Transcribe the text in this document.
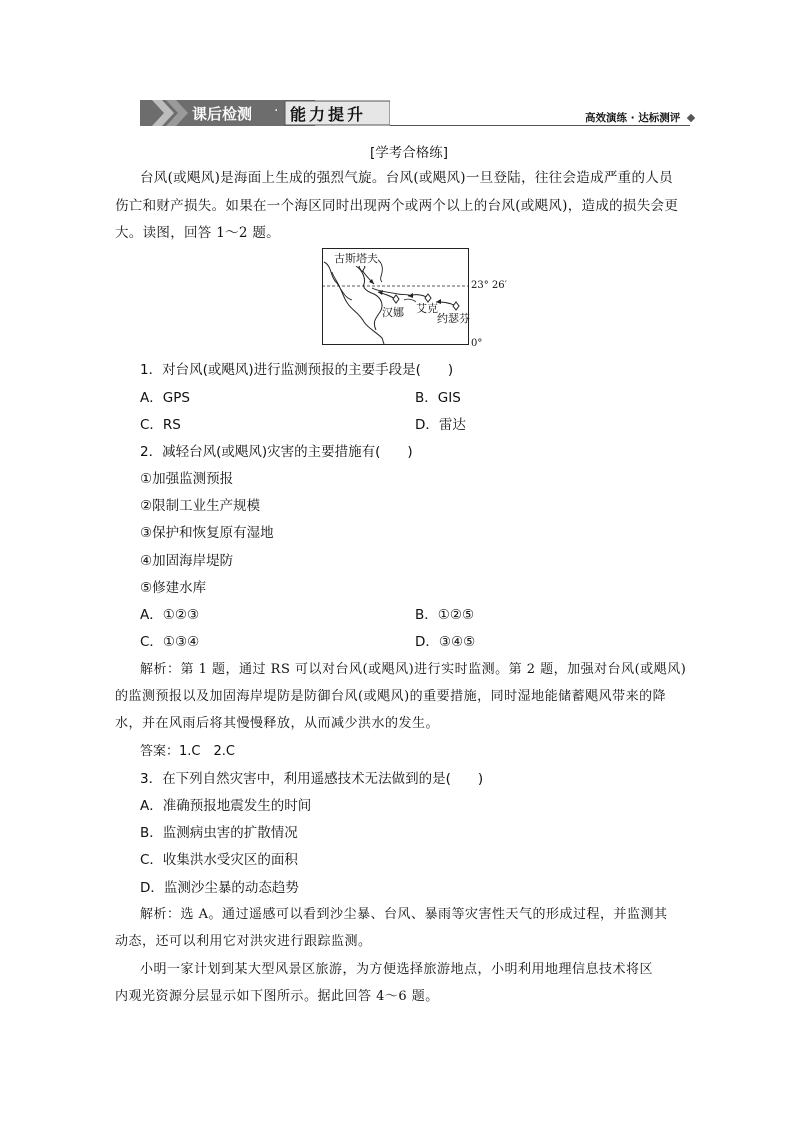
课后检测 · 能力提升	高效演练 · 达标测评
[学考合格练]
台风(或飓风)是海面上生成的强烈气旋。台风(或飓风)一旦登陆，往往会造成严重的人员
伤亡和财产损失。如果在一个海区同时出现两个或两个以上的台风(或飓风)，造成的损失会更
大。读图，回答 1～2 题。
古斯塔夫
汉娜 艾克
约瑟芬
23° 26′
0°
1．对台风(或飓风)进行监测预报的主要手段是(　　)
A．GPS	B．GIS
C．RS	D．雷达
2．减轻台风(或飓风)灾害的主要措施有(　　)
①加强监测预报
②限制工业生产规模
③保护和恢复原有湿地
④加固海岸堤防
⑤修建水库
A．①②③	B．①②⑤
C．①③④	D．③④⑤
解析：第 1 题，通过 RS 可以对台风(或飓风)进行实时监测。第 2 题，加强对台风(或飓风)
的监测预报以及加固海岸堤防是防御台风(或飓风)的重要措施，同时湿地能储蓄飓风带来的降
水，并在风雨后将其慢慢释放，从而减少洪水的发生。
答案：1.C　2.C
3．在下列自然灾害中，利用遥感技术无法做到的是(　　)
A．准确预报地震发生的时间
B．监测病虫害的扩散情况
C．收集洪水受灾区的面积
D．监测沙尘暴的动态趋势
解析：选 A。通过遥感可以看到沙尘暴、台风、暴雨等灾害性天气的形成过程，并监测其
动态，还可以利用它对洪灾进行跟踪监测。
小明一家计划到某大型风景区旅游，为方便选择旅游地点，小明利用地理信息技术将区
内观光资源分层显示如下图所示。据此回答 4～6 题。
